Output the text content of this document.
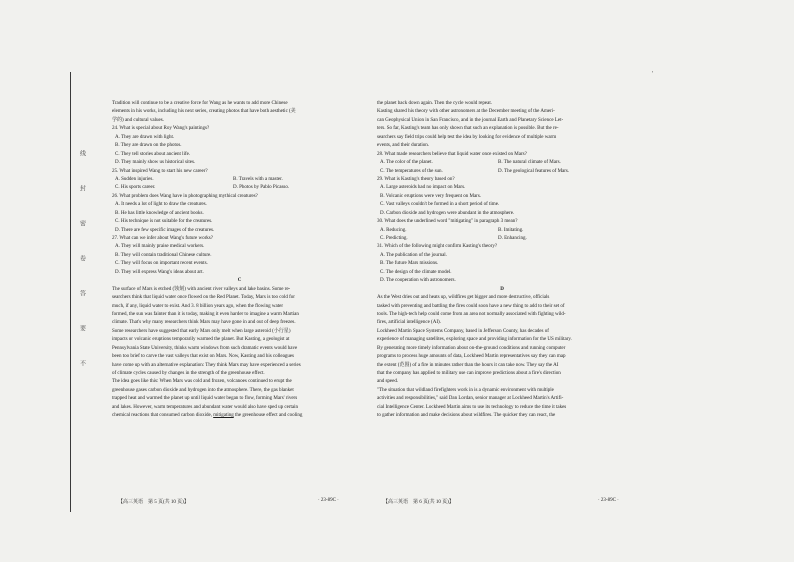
线
封
密
卷
答
要
不
'
Tradition will continue to be a creative force for Wang as he wants to add more Chinese
elements in his works, including his next series, creating photos that have both aesthetic (美
学的) and cultural values.
24. What is special about Roy Wang's paintings?
A. They are drawn with light.
B. They are drawn on the photos.
C. They tell stories about ancient life.
D. They mainly show us historical sites.
25. What inspired Wang to start his new career?
A. Sudden injuries.	B. Travels with a master.
C. His sports career.	D. Photos by Pablo Picasso.
26. What problem does Wang have in photographing mythical creatures?
A. It needs a lot of light to draw the creatures.
B. He has little knowledge of ancient books.
C. His technique is not suitable for the creatures.
D. There are few specific images of the creatures.
27. What can we infer about Wang's future works?
A. They will mainly praise medical workers.
B. They will contain traditional Chinese culture.
C. They will focus on important recent events.
D. They will express Wang's ideas about art.
C
The surface of Mars is etched (蚀刻) with ancient river valleys and lake basins. Some re-
searchers think that liquid water once flowed on the Red Planet. Today, Mars is too cold for
much, if any, liquid water to exist. And 3. 8 billion years ago, when the flowing water
formed, the sun was fainter than it is today, making it even harder to imagine a warm Martian
climate. That's why many researchers think Mars may have gone in and out of deep freezes.
Some researchers have suggested that early Mars only melt when large asteroid (小行星)
impacts or volcanic eruptions temporarily warmed the planet. But Kasting, a geologist at
Pennsylvania State University, thinks warm windows from such dramatic events would have
been too brief to carve the vast valleys that exist on Mars. Now, Kasting and his colleagues
have come up with an alternative explanation: They think Mars may have experienced a series
of climate cycles caused by changes in the strength of the greenhouse effect.
The idea goes like this: When Mars was cold and frozen, volcanoes continued to erupt the
greenhouse gases carbon dioxide and hydrogen into the atmosphere. There, the gas blanket
trapped heat and warmed the planet up until liquid water began to flow, forming Mars' rivers
and lakes. However, warm temperatures and abundant water would also have sped up certain
chemical reactions that consumed carbon dioxide, mitigating the greenhouse effect and cooling
the planet back down again. Then the cycle would repeat.
Kasting shared his theory with other astronomers at the December meeting of the Ameri-
can Geophysical Union in San Francisco, and in the journal Earth and Planetary Science Let-
ters. So far, Kasting's team has only shown that such an explanation is possible. But the re-
searchers say field trips could help test the idea by looking for evidence of multiple warm
events, and their duration.
28. What made researchers believe that liquid water once existed on Mars?
A. The color of the planet.	B. The natural climate of Mars.
C. The temperatures of the sun.	D. The geological features of Mars.
29. What is Kasting's theory based on?
A. Large asteroids had no impact on Mars.
B. Volcanic eruptions were very frequent on Mars.
C. Vast valleys couldn't be formed in a short period of time.
D. Carbon dioxide and hydrogen were abundant in the atmosphere.
30. What does the underlined word "mitigating" in paragraph 3 mean?
A. Reducing.	B. Imitating.
C. Predicting.	D. Enhancing.
31. Which of the following might confirm Kasting's theory?
A. The publication of the journal.
B. The future Mars missions.
C. The design of the climate model.
D. The cooperation with astronomers.
D
As the West dries out and heats up, wildfires get bigger and more destructive, officials
tasked with preventing and battling the fires could soon have a new thing to add to their set of
tools. The high-tech help could come from an area not normally associated with fighting wild-
fires, artificial intelligence (AI).
Lockheed Martin Space Systems Company, based in Jefferson County, has decades of
experience of managing satellites, exploring space and providing information for the US military.
By generating more timely information about on-the-ground conditions and running computer
programs to process huge amounts of data, Lockheed Martin representatives say they can map
the extent (范围) of a fire in minutes rather than the hours it can take now. They say the AI
that the company has applied to military use can improve predictions about a fire's direction
and speed.
"The situation that wildland firefighters work in is a dynamic environment with multiple
activities and responsibilities," said Dan Lordan, senior manager at Lockheed Martin's Artifi-
cial Intelligence Center. Lockheed Martin aims to use its technology to reduce the time it takes
to gather information and make decisions about wildfires. The quicker they can react, the
【高三英语　第 5 页(共 10 页)】	· 23-89C ·	【高三英语　第 6 页(共 10 页)】	· 23-89C ·
